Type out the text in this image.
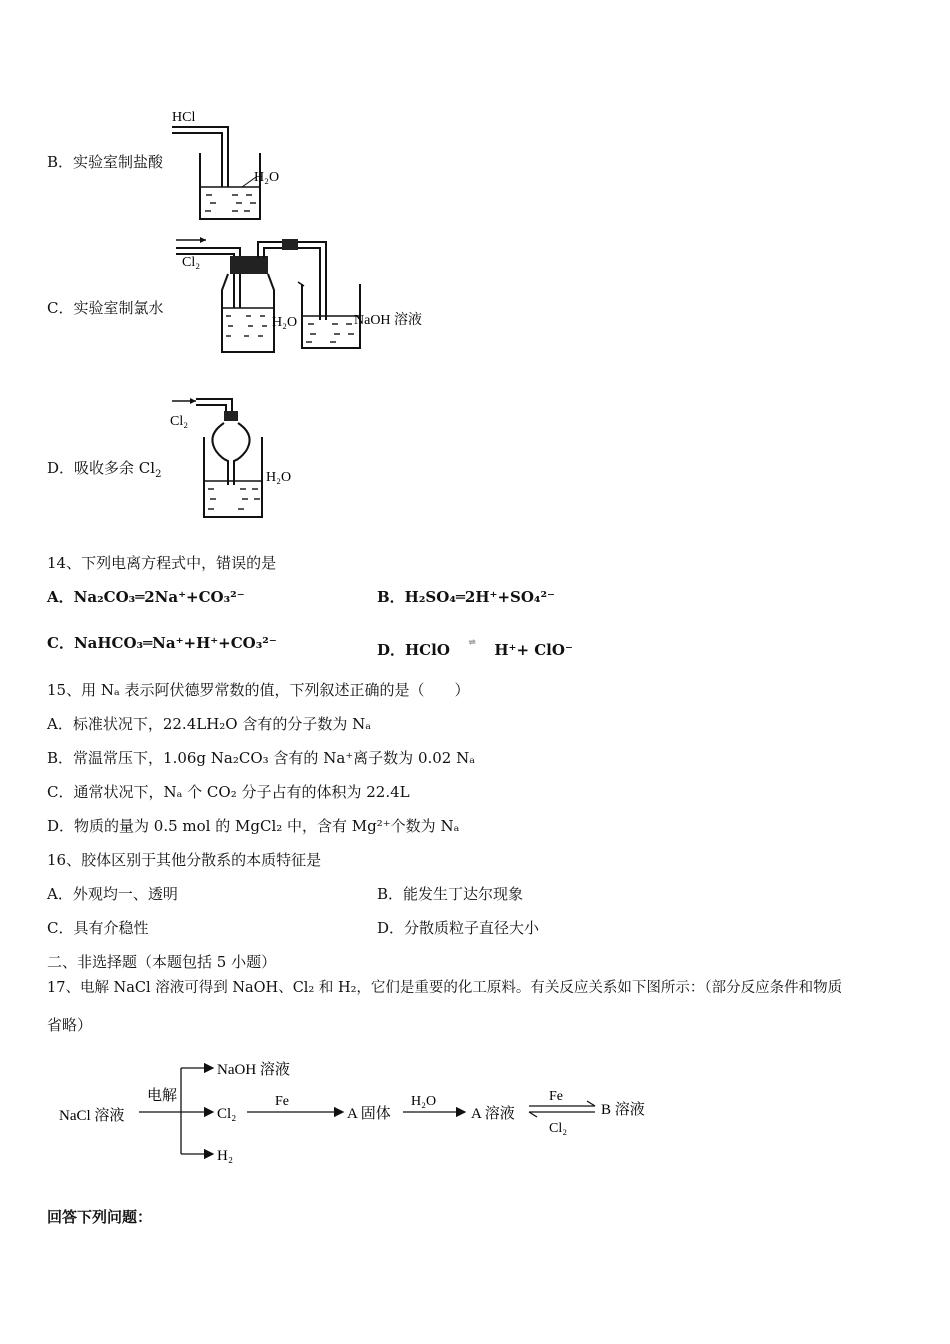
B．实验室制盐酸
HCl
H₂O
C．实验室制氯水
Cl₂
H₂O	NaOH 溶液
D．吸收多余 $Cl_2$
Cl₂
H₂O
14、下列电离方程式中，错误的是
A．Na₂CO₃═2Na⁺+CO₃²⁻	B．H₂SO₄═2H⁺+SO₄²⁻
C．NaHCO₃═Na⁺+H⁺+CO₃²⁻	D．HClO ⇌ H⁺+ ClO⁻
15、用 Nₐ 表示阿伏德罗常数的值，下列叙述正确的是（　　）
A．标准状况下，22.4LH₂O 含有的分子数为 Nₐ
B．常温常压下，1.06g Na₂CO₃ 含有的 Na⁺离子数为 0.02 Nₐ
C．通常状况下，Nₐ 个 CO₂ 分子占有的体积为 22.4L
D．物质的量为 0.5 mol 的 MgCl₂ 中，含有 Mg²⁺个数为 Nₐ
16、胶体区别于其他分散系的本质特征是
A．外观均一、透明	B．能发生丁达尔现象
C．具有介稳性	D．分散质粒子直径大小
二、非选择题（本题包括 5 小题）
17、电解 NaCl 溶液可得到 NaOH、Cl₂ 和 H₂，它们是重要的化工原料。有关反应关系如下图所示：（部分反应条件和物质
省略）
NaCl 溶液
电解
NaOH 溶液
Cl₂
H₂
Fe
A 固体
H₂O
A 溶液
Fe
Cl₂
B 溶液
回答下列问题：
